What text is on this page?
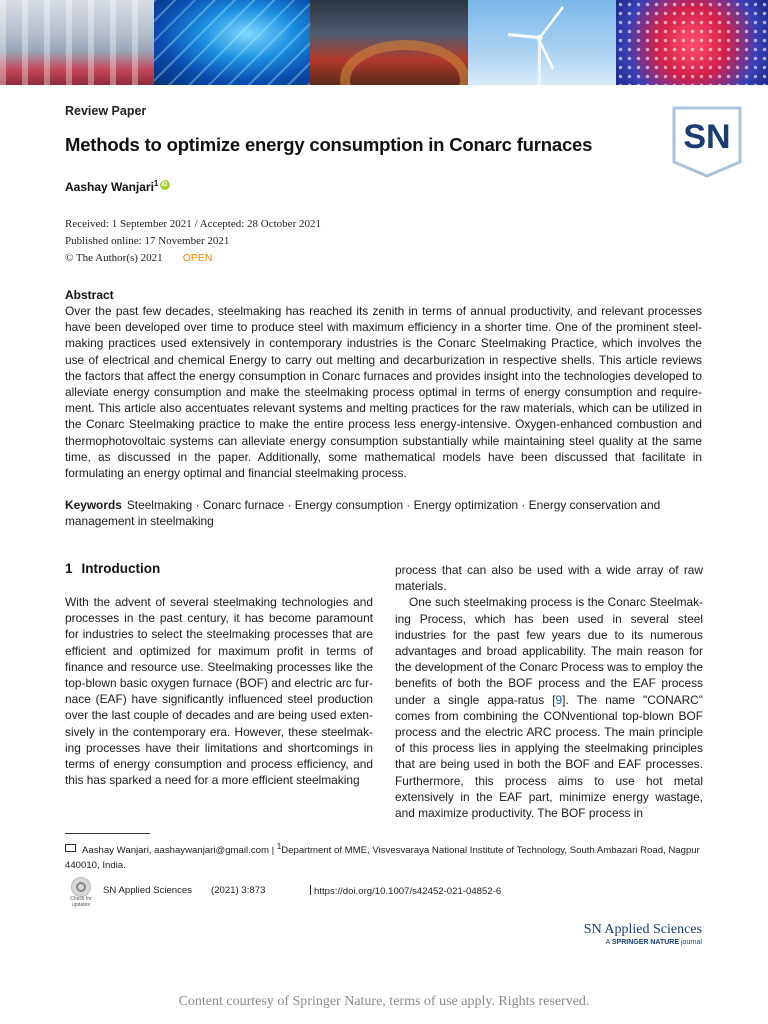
SN
Review Paper
Methods to optimize energy consumption in Conarc furnaces
Aashay Wanjari$^1$iD
Received: 1 September 2021 / Accepted: 28 October 2021
Published online: 17 November 2021
© The Author(s) 2021 OPEN
Abstract
Over the past few decades, steelmaking has reached its zenith in terms of annual productivity, and relevant processes have been developed over time to produce steel with maximum efficiency in a shorter time. One of the prominent steel-making practices used extensively in contemporary industries is the Conarc Steelmaking Practice, which involves the use of electrical and chemical Energy to carry out melting and decarburization in respective shells. This article reviews the factors that affect the energy consumption in Conarc furnaces and provides insight into the technologies developed to alleviate energy consumption and make the steelmaking process optimal in terms of energy consumption and require-ment. This article also accentuates relevant systems and melting practices for the raw materials, which can be utilized in the Conarc Steelmaking practice to make the entire process less energy-intensive. Oxygen-enhanced combustion and thermophotovoltaic systems can alleviate energy consumption substantially while maintaining steel quality at the same time, as discussed in the paper. Additionally, some mathematical models have been discussed that facilitate in formulating an energy optimal and financial steelmaking process.
Keywords Steelmaking · Conarc furnace · Energy consumption · Energy optimization · Energy conservation and management in steelmaking
1 Introduction

With the advent of several steelmaking technologies and processes in the past century, it has become paramount for industries to select the steelmaking processes that are efficient and optimized for maximum profit in terms of finance and resource use. Steelmaking processes like the top-blown basic oxygen furnace (BOF) and electric arc fur-nace (EAF) have significantly influenced steel production over the last couple of decades and are being used exten-sively in the contemporary era. However, these steelmak-ing processes have their limitations and shortcomings in terms of energy consumption and process efficiency, and this has sparked a need for a more efficient steelmaking

process that can also be used with a wide array of raw materials.

One such steelmaking process is the Conarc Steelmak-ing Process, which has been used in several steel industries for the past few years due to its numerous advantages and broad applicability. The main reason for the development of the Conarc Process was to employ the benefits of both the BOF process and the EAF process under a single appa-ratus [9]. The name "CONARC" comes from combining the CONventional top-blown BOF process and the electric ARC process. The main principle of this process lies in applying the steelmaking principles that are being used in both the BOF and EAF processes. Furthermore, this process aims to use hot metal extensively in the EAF part, minimize energy wastage, and maximize productivity. The BOF process in

Aashay Wanjari, aashaywanjari@gmail.com | $^1$Department of MME, Visvesvaraya National Institute of Technology, South Ambazari Road, Nagpur 440010, India.
Check for updates
SN Applied Sciences (2021) 3:873	https://doi.org/10.1007/s42452-021-04852-6
SN Applied Sciences
A SPRINGER NATURE journal
Content courtesy of Springer Nature, terms of use apply. Rights reserved.
